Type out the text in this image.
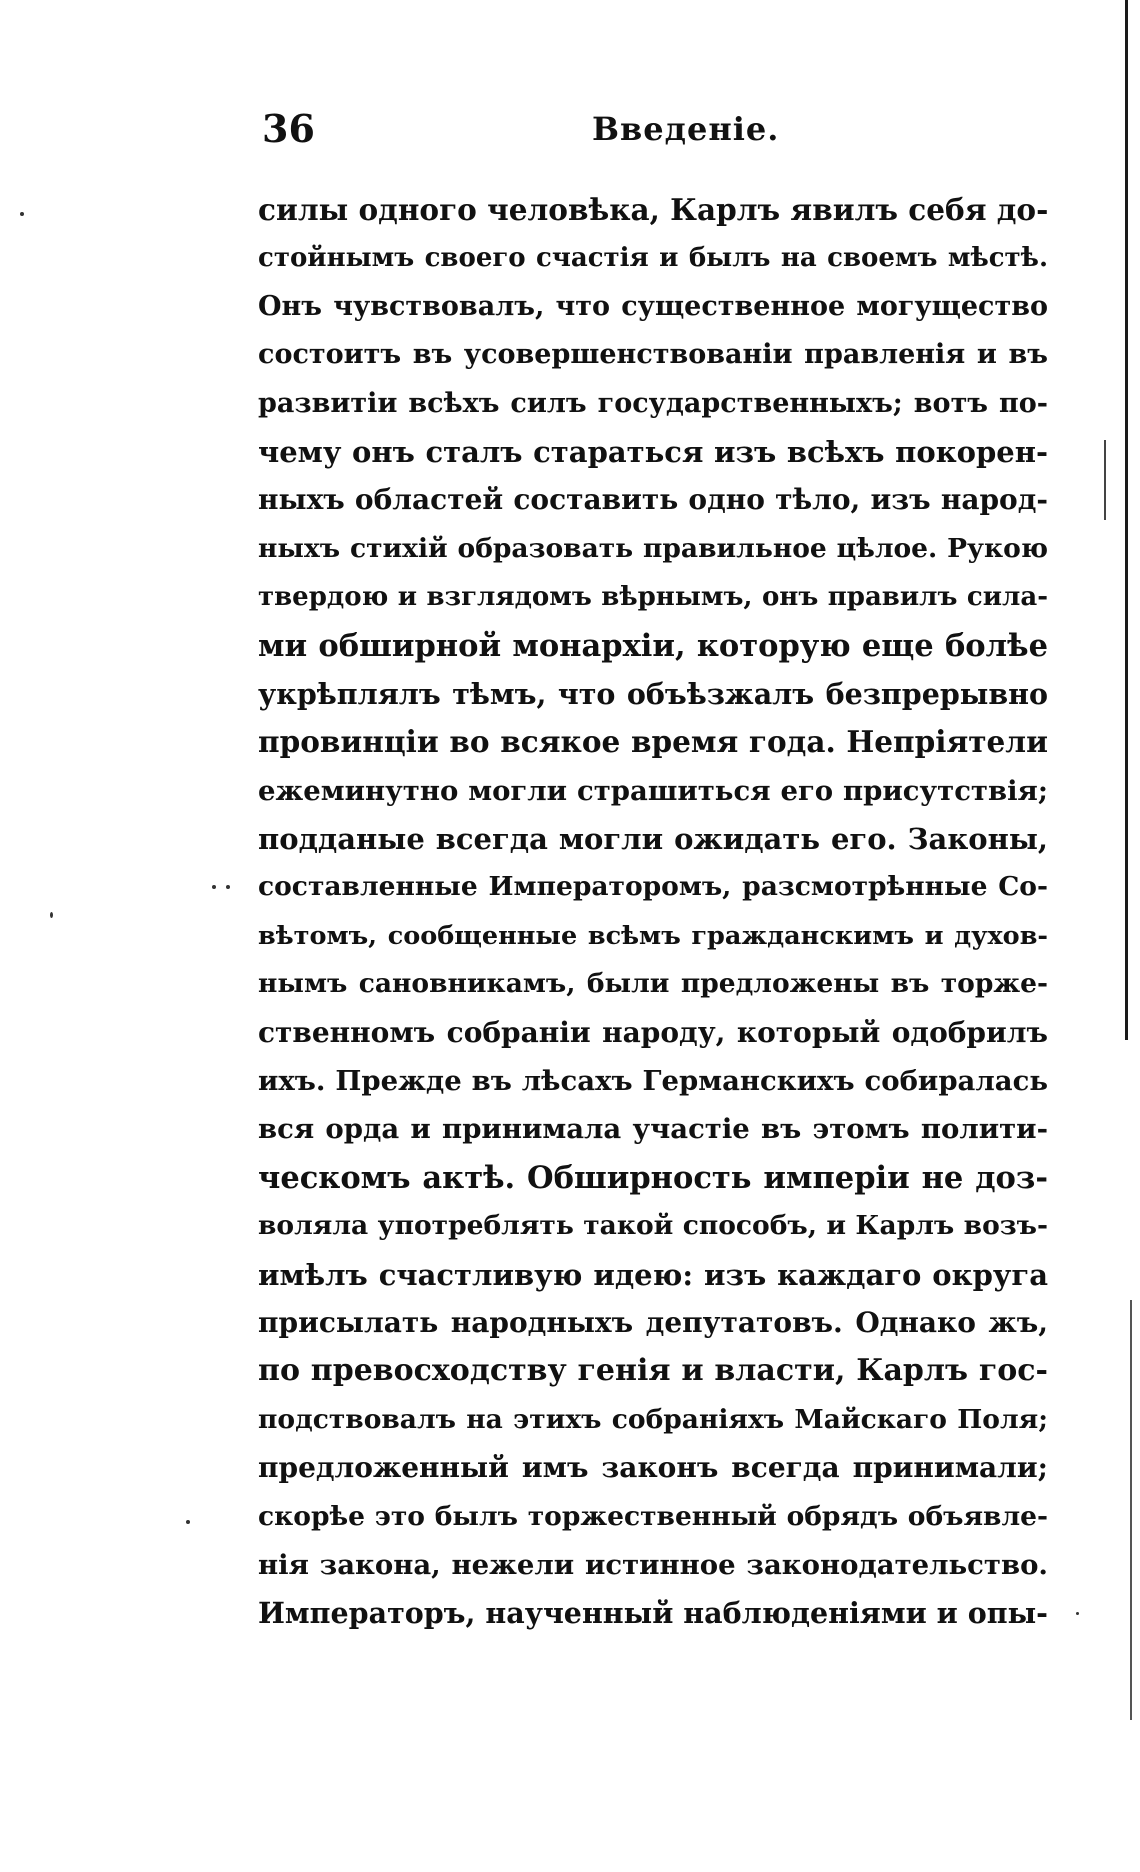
36	Введеніе.
силы одного человѣка, Карлъ явилъ себя до-
стойнымъ своего счастія и былъ на своемъ мѣстѣ.
Онъ чувствовалъ, что существенное могущество
состоитъ въ усовершенствованіи правленія и въ
развитіи всѣхъ силъ государственныхъ; вотъ по-
чему онъ сталъ стараться изъ всѣхъ покорен-
ныхъ областей составить одно тѣло, изъ народ-
ныхъ стихій образовать правильное цѣлое. Рукою
твердою и взглядомъ вѣрнымъ, онъ правилъ сила-
ми обширной монархіи, которую еще болѣе
укрѣплялъ тѣмъ, что объѣзжалъ безпрерывно
провинціи во всякое время года. Непріятели
ежеминутно могли страшиться его присутствія;
подданые всегда могли ожидать его. Законы,
составленные Императоромъ, разсмотрѣнные Со-
вѣтомъ, сообщенные всѣмъ гражданскимъ и духов-
нымъ сановникамъ, были предложены въ торже-
ственномъ собраніи народу, который одобрилъ
ихъ. Прежде въ лѣсахъ Германскихъ собиралась
вся орда и принимала участіе въ этомъ полити-
ческомъ актѣ. Обширность имперіи не доз-
воляла употреблять такой способъ, и Карлъ возъ-
имѣлъ счастливую идею: изъ каждаго округа
присылать народныхъ депутатовъ. Однако жъ,
по превосходству генія и власти, Карлъ гос-
подствовалъ на этихъ собраніяхъ Майскаго Поля;
предложенный имъ законъ всегда принимали;
скорѣе это былъ торжественный обрядъ объявле-
нія закона, нежели истинное законодательство.
Императоръ, наученный наблюденіями и опы-
